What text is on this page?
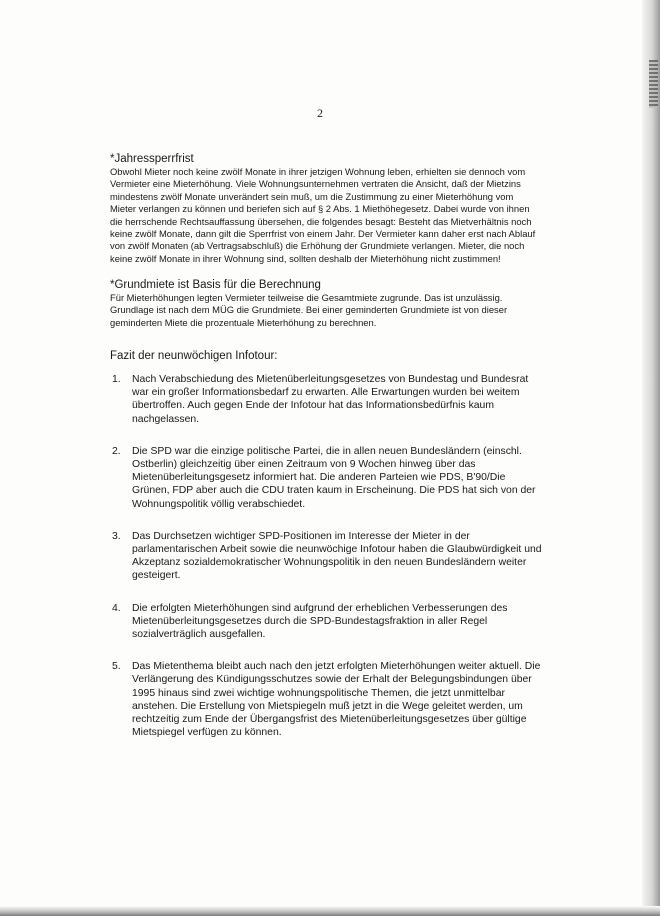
2
*Jahressperrfrist

Obwohl Mieter noch keine zwölf Monate in ihrer jetzigen Wohnung leben, erhielten sie dennoch vom Vermieter eine Mieterhöhung. Viele Wohnungsunternehmen vertraten die Ansicht, daß der Mietzins mindestens zwölf Monate unverändert sein muß, um die Zustimmung zu einer Mieterhöhung vom Mieter verlangen zu können und beriefen sich auf § 2 Abs. 1 Miethöhegesetz. Dabei wurde von ihnen die herrschende Rechtsauffassung übersehen, die folgendes besagt: Besteht das Mietverhältnis noch keine zwölf Monate, dann gilt die Sperrfrist von einem Jahr. Der Vermieter kann daher erst nach Ablauf von zwölf Monaten (ab Vertragsabschluß) die Erhöhung der Grundmiete verlangen. Mieter, die noch keine zwölf Monate in ihrer Wohnung sind, sollten deshalb der Mieterhöhung nicht zustimmen!

*Grundmiete ist Basis für die Berechnung

Für Mieterhöhungen legten Vermieter teilweise die Gesamtmiete zugrunde. Das ist unzulässig. Grundlage ist nach dem MÜG die Grundmiete. Bei einer geminderten Grundmiete ist von dieser geminderten Miete die prozentuale Mieterhöhung zu berechnen.

Fazit der neunwöchigen Infotour:
1.	Nach Verabschiedung des Mietenüberleitungsgesetzes von Bundestag und Bundesrat war ein großer Informationsbedarf zu erwarten. Alle Erwartungen wurden bei weitem übertroffen. Auch gegen Ende der Infotour hat das Informationsbedürfnis kaum nachgelassen.
2.	Die SPD war die einzige politische Partei, die in allen neuen Bundesländern (einschl. Ostberlin) gleichzeitig über einen Zeitraum von 9 Wochen hinweg über das Mietenüberleitungsgesetz informiert hat. Die anderen Parteien wie PDS, B'90/Die Grünen, FDP aber auch die CDU traten kaum in Erscheinung. Die PDS hat sich von der Wohnungspolitik völlig verabschiedet.
3.	Das Durchsetzen wichtiger SPD-Positionen im Interesse der Mieter in der parlamentarischen Arbeit sowie die neunwöchige Infotour haben die Glaubwürdigkeit und Akzeptanz sozialdemokratischer Wohnungspolitik in den neuen Bundesländern weiter gesteigert.
4.	Die erfolgten Mieterhöhungen sind aufgrund der erheblichen Verbesserungen des Mietenüberleitungsgesetzes durch die SPD-Bundestagsfraktion in aller Regel sozialverträglich ausgefallen.
5.	Das Mietenthema bleibt auch nach den jetzt erfolgten Mieterhöhungen weiter aktuell. Die Verlängerung des Kündigungsschutzes sowie der Erhalt der Belegungsbindungen über 1995 hinaus sind zwei wichtige wohnungspolitische Themen, die jetzt unmittelbar anstehen. Die Erstellung von Mietspiegeln muß jetzt in die Wege geleitet werden, um rechtzeitig zum Ende der Übergangsfrist des Mietenüberleitungsgesetzes über gültige Mietspiegel verfügen zu können.
